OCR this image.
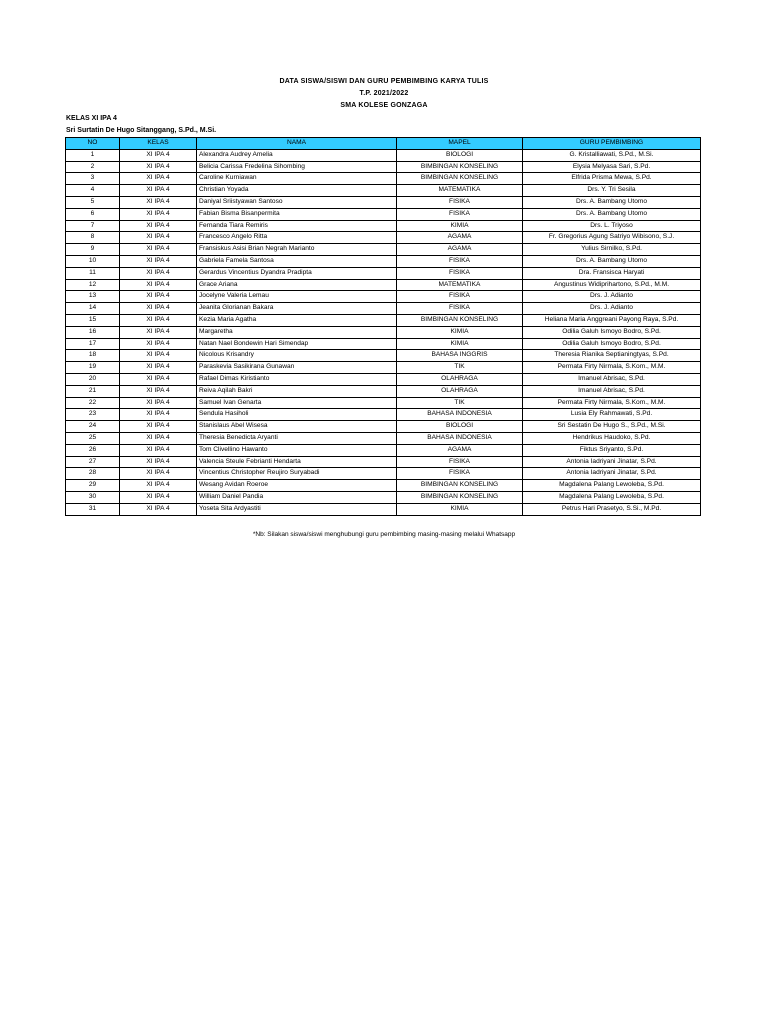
DATA SISWA/SISWI DAN GURU PEMBIMBING KARYA TULIS
T.P. 2021/2022
SMA KOLESE GONZAGA
KELAS XI IPA 4
Sri Surtatin De Hugo Sitanggang, S.Pd., M.Si.
NO	KELAS	NAMA	MAPEL	GURU PEMBIMBING
1	XI IPA 4	Alexandra Audrey Amelia	BIOLOGI	G. Kristalliawati, S.Pd., M.Si.
2	XI IPA 4	Belicia Carissa Fredelina Sihombing	BIMBINGAN KONSELING	Elysia Melyasa Sari, S.Pd.
3	XI IPA 4	Caroline Kurniawan	BIMBINGAN KONSELING	Elfrida Prisma Mewa, S.Pd.
4	XI IPA 4	Christian Yoyada	MATEMATIKA	Drs. Y. Tri Sesila
5	XI IPA 4	Daniyal Sriistyawan Santoso	FISIKA	Drs. A. Bambang Utomo
6	XI IPA 4	Fabian Bisma Bisanpermita	FISIKA	Drs. A. Bambang Utomo
7	XI IPA 4	Fernanda Tiara Remiris	KIMIA	Drs. L. Triyoso
8	XI IPA 4	Francesco Angelo Ritta	AGAMA	Fr. Gregorius Agung Satriyo Wibisono, S.J.
9	XI IPA 4	Fransiskus Asisi Brian Negrah Marianto	AGAMA	Yulius Sirnilko, S.Pd.
10	XI IPA 4	Gabriela Famela Santosa	FISIKA	Drs. A. Bambang Utomo
11	XI IPA 4	Gerardus Vincentius Dyandra Pradipta	FISIKA	Dra. Fransisca Haryati
12	XI IPA 4	Grace Ariana	MATEMATIKA	Angustinus Widiprihartono, S.Pd., M.M.
13	XI IPA 4	Jocelyne Valeria Lemau	FISIKA	Drs. J. Adianto
14	XI IPA 4	Jeanita Glorianan Bakara	FISIKA	Drs. J. Adianto
15	XI IPA 4	Kezia Maria Agatha	BIMBINGAN KONSELING	Heliana Maria Anggreani Payong Raya, S.Pd.
16	XI IPA 4	Margaretha	KIMIA	Odilia Galuh Ismoyo Bodro, S.Pd.
17	XI IPA 4	Natan Nael Bondewin Hari Simendap	KIMIA	Odilia Galuh Ismoyo Bodro, S.Pd.
18	XI IPA 4	Nicolous Krisandry	BAHASA INGGRIS	Theresia Rianika Septianingtyas, S.Pd.
19	XI IPA 4	Paraskevia Sasikirana Gunawan	TIK	Permata Firty Nirmala, S.Kom., M.M.
20	XI IPA 4	Rafael Dimas Kiristianto	OLAHRAGA	Imanuel Abrisac, S.Pd.
21	XI IPA 4	Reiva Aqilah Bakri	OLAHRAGA	Imanuel Abrisac, S.Pd.
22	XI IPA 4	Samuel Ivan Genarta	TIK	Permata Firty Nirmala, S.Kom., M.M.
23	XI IPA 4	Sendula Hasiholi	BAHASA INDONESIA	Lusia Ely Rahmawati, S.Pd.
24	XI IPA 4	Stanislaus Abel Wisesa	BIOLOGI	Sri Sestatin De Hugo S., S.Pd., M.Si.
25	XI IPA 4	Theresia Benedicta Aryanti	BAHASA INDONESIA	Hendrikus Haudoko, S.Pd.
26	XI IPA 4	Tom Clivellino Hawanto	AGAMA	Fiktus Sriyanto, S.Pd.
27	XI IPA 4	Valencia Steule Febrianti Hendarta	FISIKA	Antonia Iadriyani Jinatar, S.Pd.
28	XI IPA 4	Vincentius Christopher Reujiro Suryabadi	FISIKA	Antonia Iadriyani Jinatar, S.Pd.
29	XI IPA 4	Wesang Avidan Roeroe	BIMBINGAN KONSELING	Magdalena Palang Lewoleba, S.Pd.
30	XI IPA 4	William Daniel Pandia	BIMBINGAN KONSELING	Magdalena Palang Lewoleba, S.Pd.
31	XI IPA 4	Yoseta Sita Ardyastiti	KIMIA	Petrus Hari Prasetyo, S.Si., M.Pd.
*Nb: Silakan siswa/siswi menghubungi guru pembimbing masing-masing melalui Whatsapp
